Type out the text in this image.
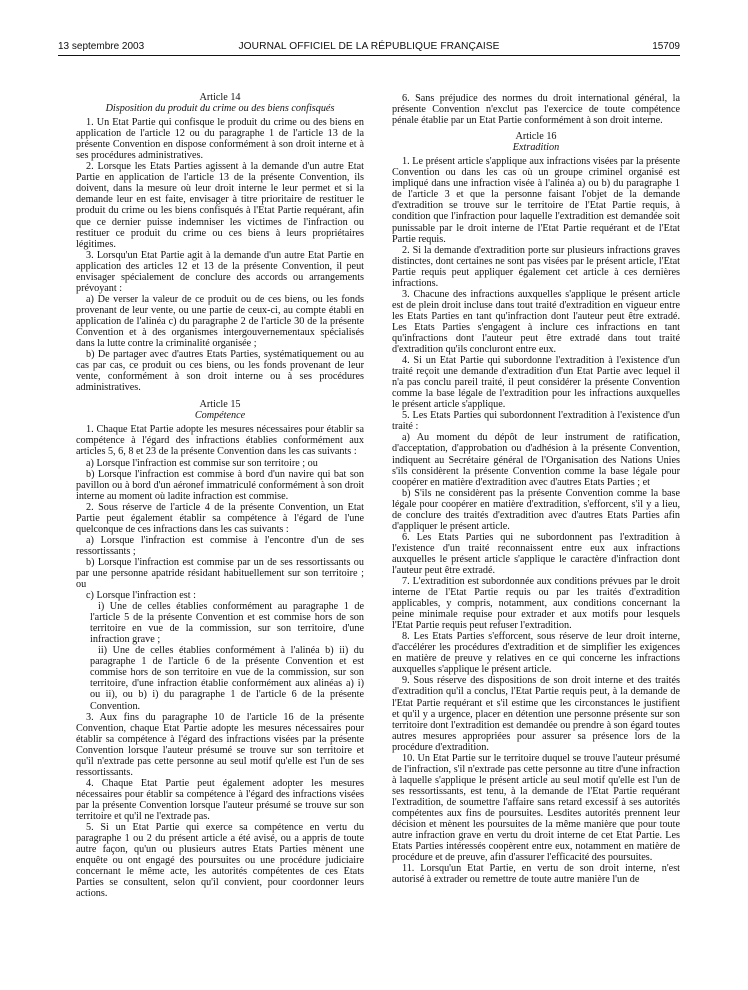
13 septembre 2003	JOURNAL OFFICIEL DE LA RÉPUBLIQUE FRANÇAISE	15709
Article 14
Disposition du produit du crime ou des biens confisqués

1. Un Etat Partie qui confisque le produit du crime ou des biens en application de l'article 12 ou du paragraphe 1 de l'article 13 de la présente Convention en dispose conformément à son droit interne et à ses procédures administratives.

2. Lorsque les Etats Parties agissent à la demande d'un autre Etat Partie en application de l'article 13 de la présente Convention, ils doivent, dans la mesure où leur droit interne le leur permet et si la demande leur en est faite, envisager à titre prioritaire de restituer le produit du crime ou les biens confisqués à l'Etat Partie requérant, afin que ce dernier puisse indemniser les victimes de l'infraction ou restituer ce produit du crime ou ces biens à leurs propriétaires légitimes.

3. Lorsqu'un Etat Partie agit à la demande d'un autre Etat Partie en application des articles 12 et 13 de la présente Convention, il peut envisager spécialement de conclure des accords ou arrangements prévoyant :

a) De verser la valeur de ce produit ou de ces biens, ou les fonds provenant de leur vente, ou une partie de ceux-ci, au compte établi en application de l'alinéa c) du paragraphe 2 de l'article 30 de la présente Convention et à des organismes intergouvernementaux spécialisés dans la lutte contre la criminalité organisée ;

b) De partager avec d'autres Etats Parties, systématiquement ou au cas par cas, ce produit ou ces biens, ou les fonds provenant de leur vente, conformément à son droit interne ou à ses procédures administratives.

Article 15
Compétence

1. Chaque Etat Partie adopte les mesures nécessaires pour établir sa compétence à l'égard des infractions établies conformément aux articles 5, 6, 8 et 23 de la présente Convention dans les cas suivants :

a) Lorsque l'infraction est commise sur son territoire ; ou

b) Lorsque l'infraction est commise à bord d'un navire qui bat son pavillon ou à bord d'un aéronef immatriculé conformément à son droit interne au moment où ladite infraction est commise.

2. Sous réserve de l'article 4 de la présente Convention, un Etat Partie peut également établir sa compétence à l'égard de l'une quelconque de ces infractions dans les cas suivants :

a) Lorsque l'infraction est commise à l'encontre d'un de ses ressortissants ;

b) Lorsque l'infraction est commise par un de ses ressortissants ou par une personne apatride résidant habituellement sur son territoire ; ou

c) Lorsque l'infraction est :

i) Une de celles établies conformément au paragraphe 1 de l'article 5 de la présente Convention et est commise hors de son territoire en vue de la commission, sur son territoire, d'une infraction grave ;

ii) Une de celles établies conformément à l'alinéa b) ii) du paragraphe 1 de l'article 6 de la présente Convention et est commise hors de son territoire en vue de la commission, sur son territoire, d'une infraction établie conformément aux alinéas a) i) ou ii), ou b) i) du paragraphe 1 de l'article 6 de la présente Convention.

3. Aux fins du paragraphe 10 de l'article 16 de la présente Convention, chaque Etat Partie adopte les mesures nécessaires pour établir sa compétence à l'égard des infractions visées par la présente Convention lorsque l'auteur présumé se trouve sur son territoire et qu'il n'extrade pas cette personne au seul motif qu'elle est l'un de ses ressortissants.

4. Chaque Etat Partie peut également adopter les mesures nécessaires pour établir sa compétence à l'égard des infractions visées par la présente Convention lorsque l'auteur présumé se trouve sur son territoire et qu'il ne l'extrade pas.

5. Si un Etat Partie qui exerce sa compétence en vertu du paragraphe 1 ou 2 du présent article a été avisé, ou a appris de toute autre façon, qu'un ou plusieurs autres Etats Parties mènent une enquête ou ont engagé des poursuites ou une procédure judiciaire concernant le même acte, les autorités compétentes de ces Etats Parties se consultent, selon qu'il convient, pour coordonner leurs actions.

6. Sans préjudice des normes du droit international général, la présente Convention n'exclut pas l'exercice de toute compétence pénale établie par un Etat Partie conformément à son droit interne.

Article 16
Extradition

1. Le présent article s'applique aux infractions visées par la présente Convention ou dans les cas où un groupe criminel organisé est impliqué dans une infraction visée à l'alinéa a) ou b) du paragraphe 1 de l'article 3 et que la personne faisant l'objet de la demande d'extradition se trouve sur le territoire de l'Etat Partie requis, à condition que l'infraction pour laquelle l'extradition est demandée soit punissable par le droit interne de l'Etat Partie requérant et de l'Etat Partie requis.

2. Si la demande d'extradition porte sur plusieurs infractions graves distinctes, dont certaines ne sont pas visées par le présent article, l'Etat Partie requis peut appliquer également cet article à ces dernières infractions.

3. Chacune des infractions auxquelles s'applique le présent article est de plein droit incluse dans tout traité d'extradition en vigueur entre les Etats Parties en tant qu'infraction dont l'auteur peut être extradé. Les Etats Parties s'engagent à inclure ces infractions en tant qu'infractions dont l'auteur peut être extradé dans tout traité d'extradition qu'ils concluront entre eux.

4. Si un Etat Partie qui subordonne l'extradition à l'existence d'un traité reçoit une demande d'extradition d'un Etat Partie avec lequel il n'a pas conclu pareil traité, il peut considérer la présente Convention comme la base légale de l'extradition pour les infractions auxquelles le présent article s'applique.

5. Les Etats Parties qui subordonnent l'extradition à l'existence d'un traité :

a) Au moment du dépôt de leur instrument de ratification, d'acceptation, d'approbation ou d'adhésion à la présente Convention, indiquent au Secrétaire général de l'Organisation des Nations Unies s'ils considèrent la présente Convention comme la base légale pour coopérer en matière d'extradition avec d'autres Etats Parties ; et

b) S'ils ne considèrent pas la présente Convention comme la base légale pour coopérer en matière d'extradition, s'efforcent, s'il y a lieu, de conclure des traités d'extradition avec d'autres Etats Parties afin d'appliquer le présent article.

6. Les Etats Parties qui ne subordonnent pas l'extradition à l'existence d'un traité reconnaissent entre eux aux infractions auxquelles le présent article s'applique le caractère d'infraction dont l'auteur peut être extradé.

7. L'extradition est subordonnée aux conditions prévues par le droit interne de l'Etat Partie requis ou par les traités d'extradition applicables, y compris, notamment, aux conditions concernant la peine minimale requise pour extrader et aux motifs pour lesquels l'Etat Partie requis peut refuser l'extradition.

8. Les Etats Parties s'efforcent, sous réserve de leur droit interne, d'accélérer les procédures d'extradition et de simplifier les exigences en matière de preuve y relatives en ce qui concerne les infractions auxquelles s'applique le présent article.

9. Sous réserve des dispositions de son droit interne et des traités d'extradition qu'il a conclus, l'Etat Partie requis peut, à la demande de l'Etat Partie requérant et s'il estime que les circonstances le justifient et qu'il y a urgence, placer en détention une personne présente sur son territoire dont l'extradition est demandée ou prendre à son égard toutes autres mesures appropriées pour assurer sa présence lors de la procédure d'extradition.

10. Un Etat Partie sur le territoire duquel se trouve l'auteur présumé de l'infraction, s'il n'extrade pas cette personne au titre d'une infraction à laquelle s'applique le présent article au seul motif qu'elle est l'un de ses ressortissants, est tenu, à la demande de l'Etat Partie requérant l'extradition, de soumettre l'affaire sans retard excessif à ses autorités compétentes aux fins de poursuites. Lesdites autorités prennent leur décision et mènent les poursuites de la même manière que pour toute autre infraction grave en vertu du droit interne de cet Etat Partie. Les Etats Parties intéressés coopèrent entre eux, notamment en matière de procédure et de preuve, afin d'assurer l'efficacité des poursuites.

11. Lorsqu'un Etat Partie, en vertu de son droit interne, n'est autorisé à extrader ou remettre de toute autre manière l'un de
